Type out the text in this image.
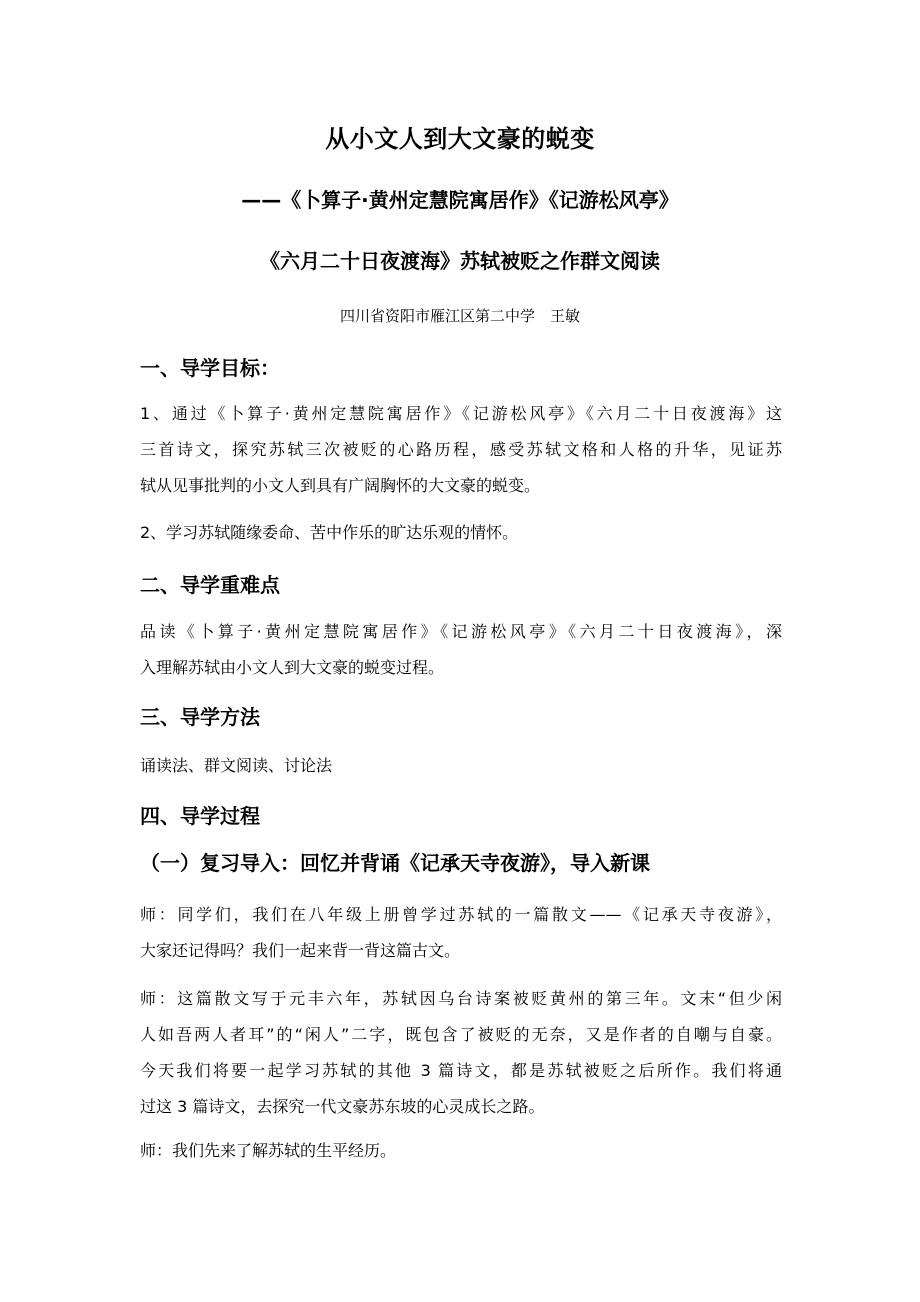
从小文人到大文豪的蜕变
——《卜算子·黄州定慧院寓居作》《记游松风亭》
《六月二十日夜渡海》苏轼被贬之作群文阅读
四川省资阳市雁江区第二中学　王敏
一、导学目标：
1、通过《卜算子·黄州定慧院寓居作》《记游松风亭》《六月二十日夜渡海》这
三首诗文，探究苏轼三次被贬的心路历程，感受苏轼文格和人格的升华，见证苏
轼从见事批判的小文人到具有广阔胸怀的大文豪的蜕变。
2、学习苏轼随缘委命、苦中作乐的旷达乐观的情怀。
二、导学重难点
品读《卜算子·黄州定慧院寓居作》《记游松风亭》《六月二十日夜渡海》，深
入理解苏轼由小文人到大文豪的蜕变过程。
三、导学方法
诵读法、群文阅读、讨论法
四、导学过程
（一）复习导入：回忆并背诵《记承天寺夜游》，导入新课
师：同学们，我们在八年级上册曾学过苏轼的一篇散文——《记承天寺夜游》，
大家还记得吗？我们一起来背一背这篇古文。
师：这篇散文写于元丰六年，苏轼因乌台诗案被贬黄州的第三年。文末“但少闲
人如吾两人者耳”的“闲人”二字，既包含了被贬的无奈，又是作者的自嘲与自豪。
今天我们将要一起学习苏轼的其他 3 篇诗文，都是苏轼被贬之后所作。我们将通
过这 3 篇诗文，去探究一代文豪苏东坡的心灵成长之路。
师：我们先来了解苏轼的生平经历。
